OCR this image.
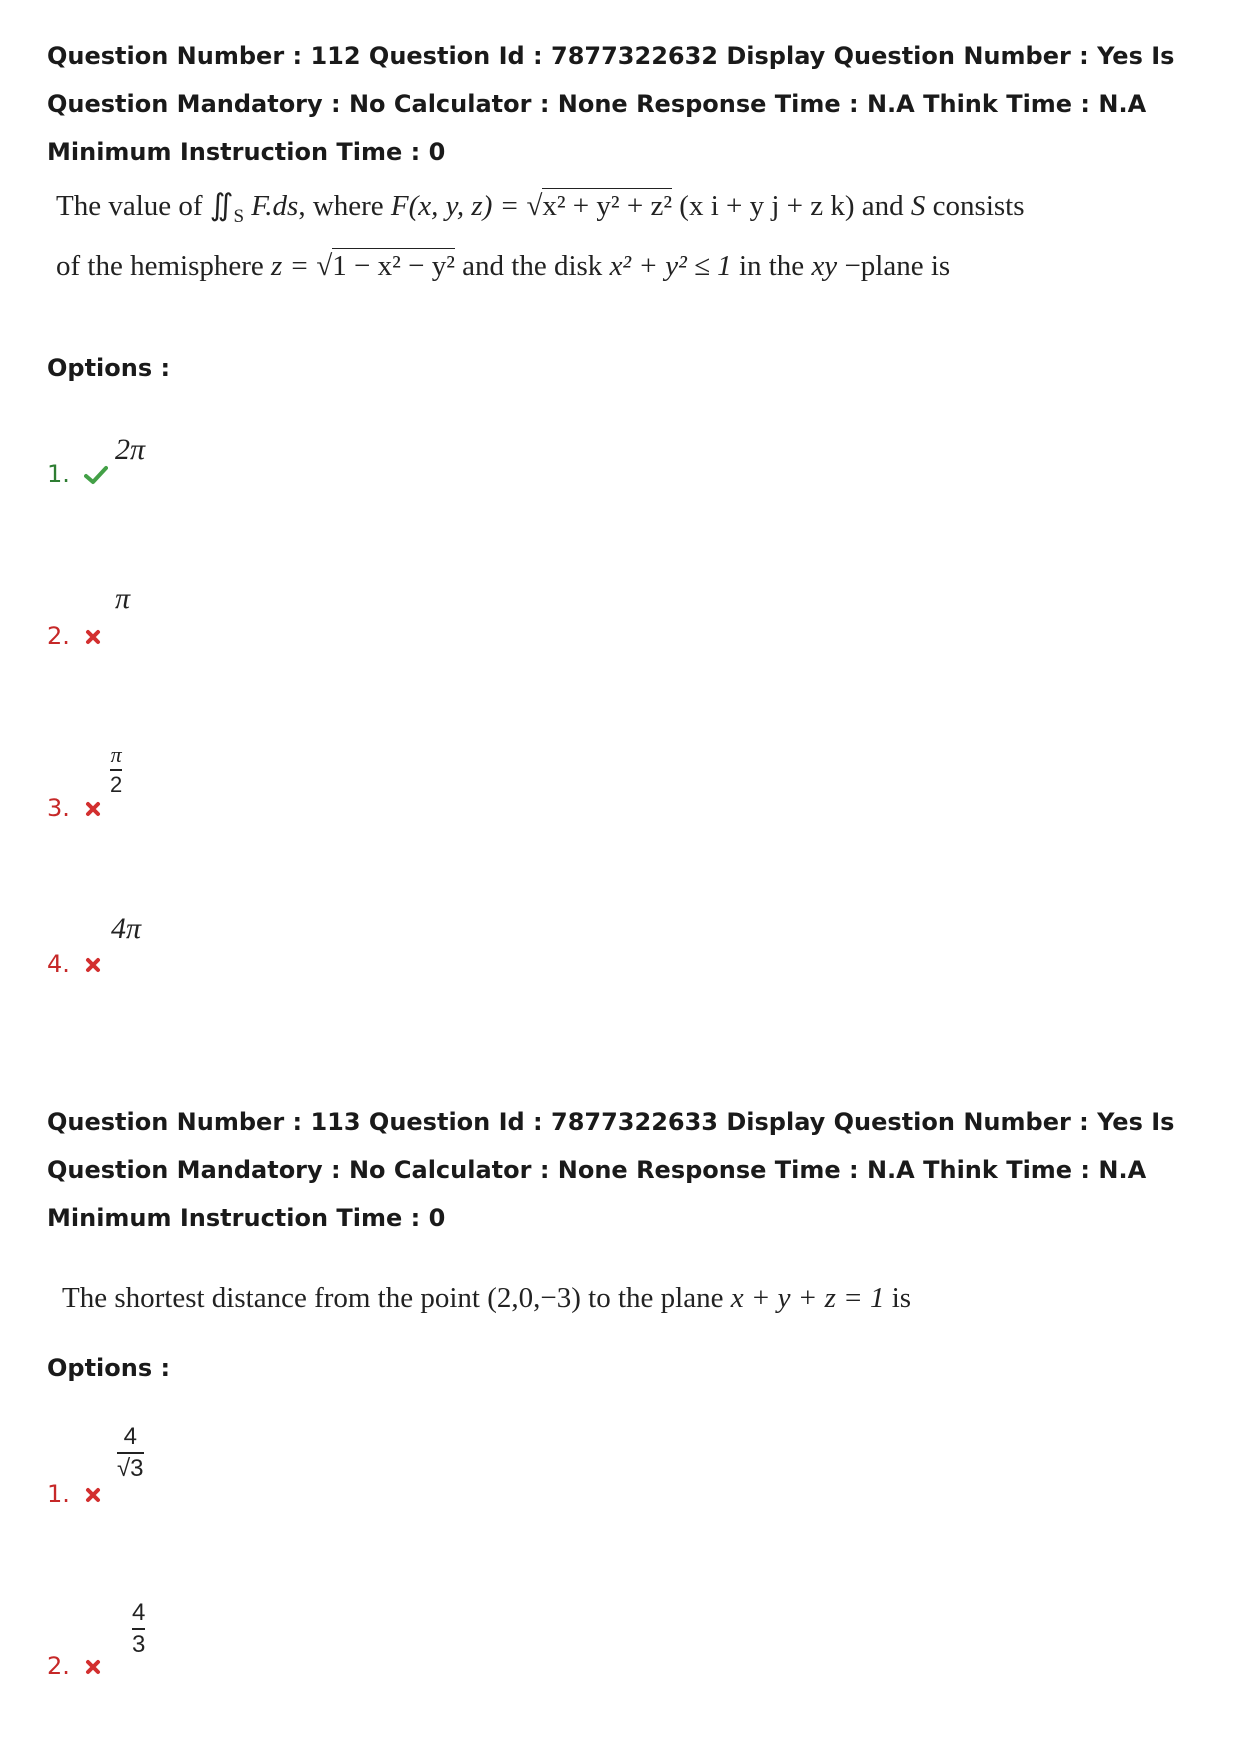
Question Number : 112 Question Id : 7877322632 Display Question Number : Yes Is Question Mandatory : No Calculator : None Response Time : N.A Think Time : N.A Minimum Instruction Time : 0
The value of $∬_S$ F.ds, where F(x, y, z) = √x² + y² + z² (x i + y j + z k) and S consists
of the hemisphere z = √1 − x² − y² and the disk x² + y² ≤ 1 in the xy −plane is
Options :
2π
1.
π
2.
$\frac{\pi}{2}$
3.
4π
4.
Question Number : 113 Question Id : 7877322633 Display Question Number : Yes Is Question Mandatory : No Calculator : None Response Time : N.A Think Time : N.A Minimum Instruction Time : 0
The shortest distance from the point (2,0,−3) to the plane x + y + z = 1 is
Options :
$\frac{4}{√3}$
1.
$\frac{4}{3}$
2.
